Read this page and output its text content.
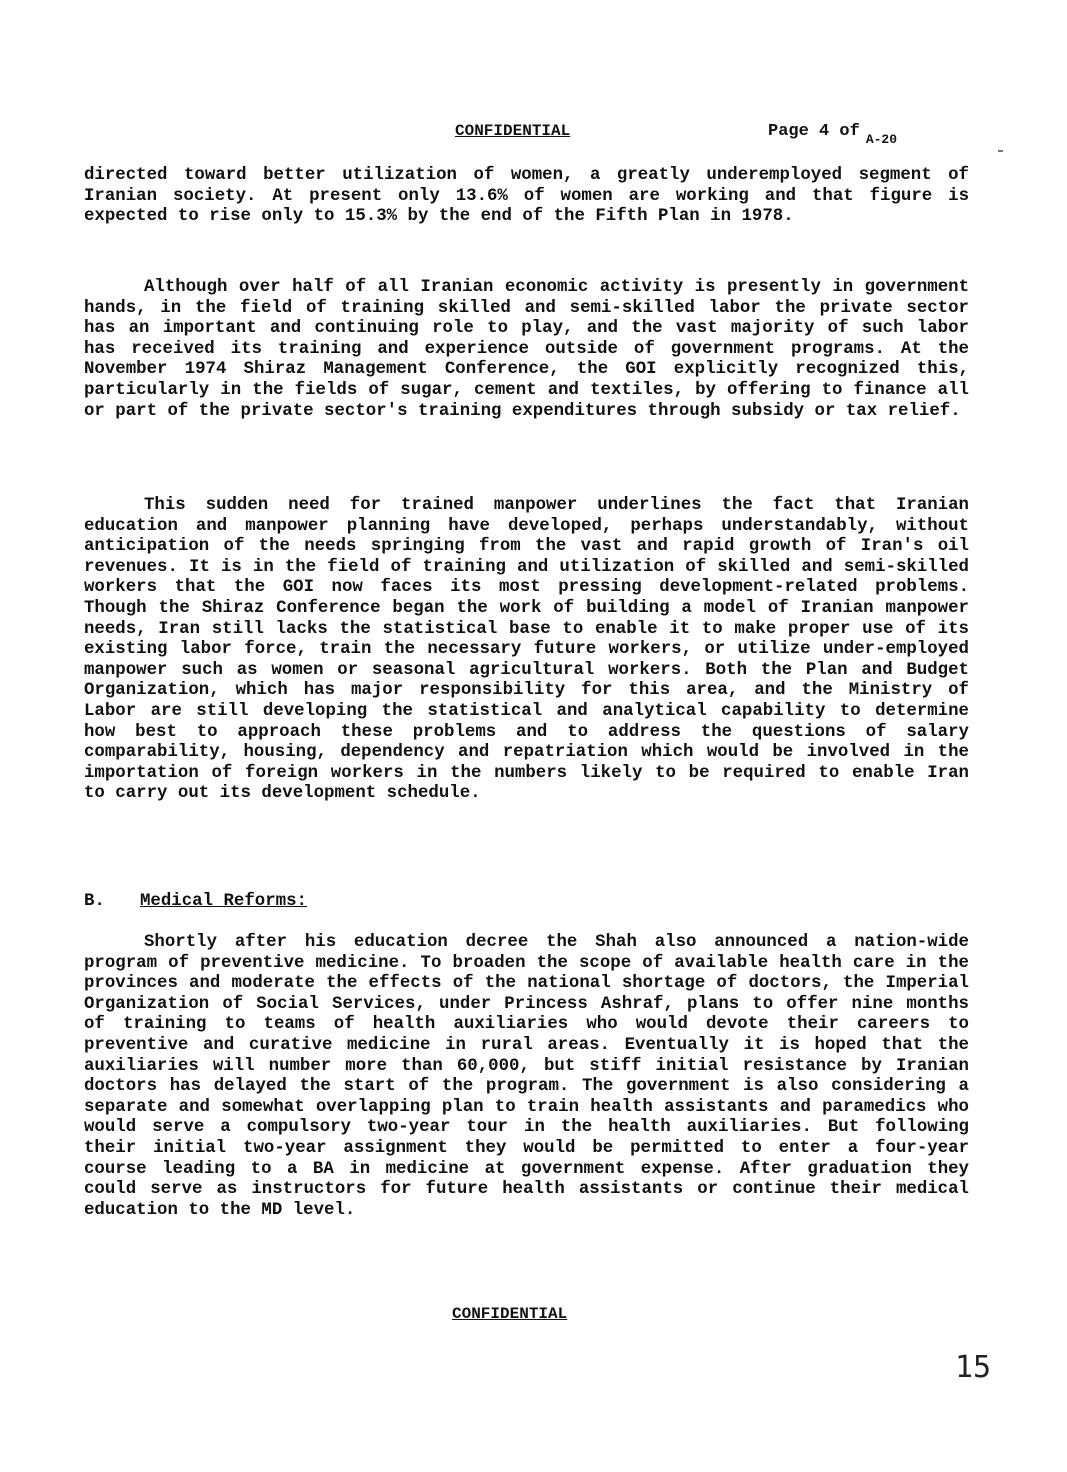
CONFIDENTIAL	Page 4 of $_{A-20}$

directed toward better utilization of women, a greatly underemployed segment of Iranian society. At present only 13.6% of women are working and that figure is expected to rise only to 15.3% by the end of the Fifth Plan in 1978.

Although over half of all Iranian economic activity is presently in government hands, in the field of training skilled and semi-skilled labor the private sector has an important and continuing role to play, and the vast majority of such labor has received its training and experience outside of government programs. At the November 1974 Shiraz Management Conference, the GOI explicitly recognized this, particularly in the fields of sugar, cement and textiles, by offering to finance all or part of the private sector's training expenditures through subsidy or tax relief.

This sudden need for trained manpower underlines the fact that Iranian education and manpower planning have developed, perhaps understandably, without anticipation of the needs springing from the vast and rapid growth of Iran's oil revenues. It is in the field of training and utilization of skilled and semi-skilled workers that the GOI now faces its most pressing development-related problems. Though the Shiraz Conference began the work of building a model of Iranian manpower needs, Iran still lacks the statistical base to enable it to make proper use of its existing labor force, train the necessary future workers, or utilize under-employed manpower such as women or seasonal agricultural workers. Both the Plan and Budget Organization, which has major responsibility for this area, and the Ministry of Labor are still developing the statistical and analytical capability to determine how best to approach these problems and to address the questions of salary comparability, housing, dependency and repatriation which would be involved in the importation of foreign workers in the numbers likely to be required to enable Iran to carry out its development schedule.

B. Medical Reforms:

Shortly after his education decree the Shah also announced a nation-wide program of preventive medicine. To broaden the scope of available health care in the provinces and moderate the effects of the national shortage of doctors, the Imperial Organization of Social Services, under Princess Ashraf, plans to offer nine months of training to teams of health auxiliaries who would devote their careers to preventive and curative medicine in rural areas. Eventually it is hoped that the auxiliaries will number more than 60,000, but stiff initial resistance by Iranian doctors has delayed the start of the program. The government is also considering a separate and somewhat overlapping plan to train health assistants and paramedics who would serve a compulsory two-year tour in the health auxiliaries. But following their initial two-year assignment they would be permitted to enter a four-year course leading to a BA in medicine at government expense. After graduation they could serve as instructors for future health assistants or continue their medical education to the MD level.

CONFIDENTIAL
15
